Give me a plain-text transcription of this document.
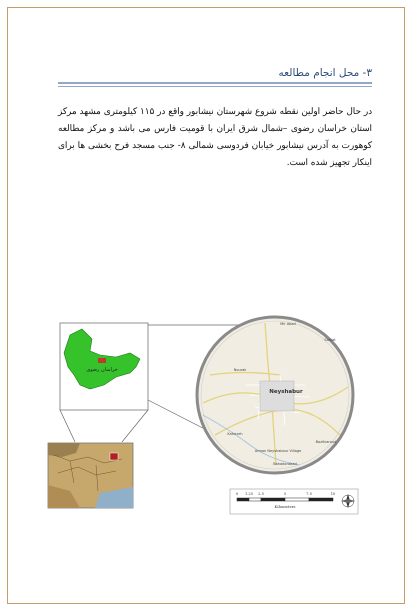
۳- محل انجام مطالعه
در حال حاضر اولین نقطه شروع شهرستان نیشابور واقع در ۱۱۵ کیلومتری مشهد مرکز استان خراسان رضوی –شمال شرق ایران با قومیت فارس می باشد و مرکز مطالعه کوهورت به آدرس نیشابور خیابان فردوسی شمالی ۸- جنب مسجد فرح بخشی ها برای اینکار تجهیز شده است.
خراسان رضوی
Mir Abad
Samat
Nourak
Kahrizeh
Arman Neyshabour Village
Bozlhiaroud
Bahadorabad
Neyshabur
0 1.25 2.5	5	7.5	10
Kilometers
